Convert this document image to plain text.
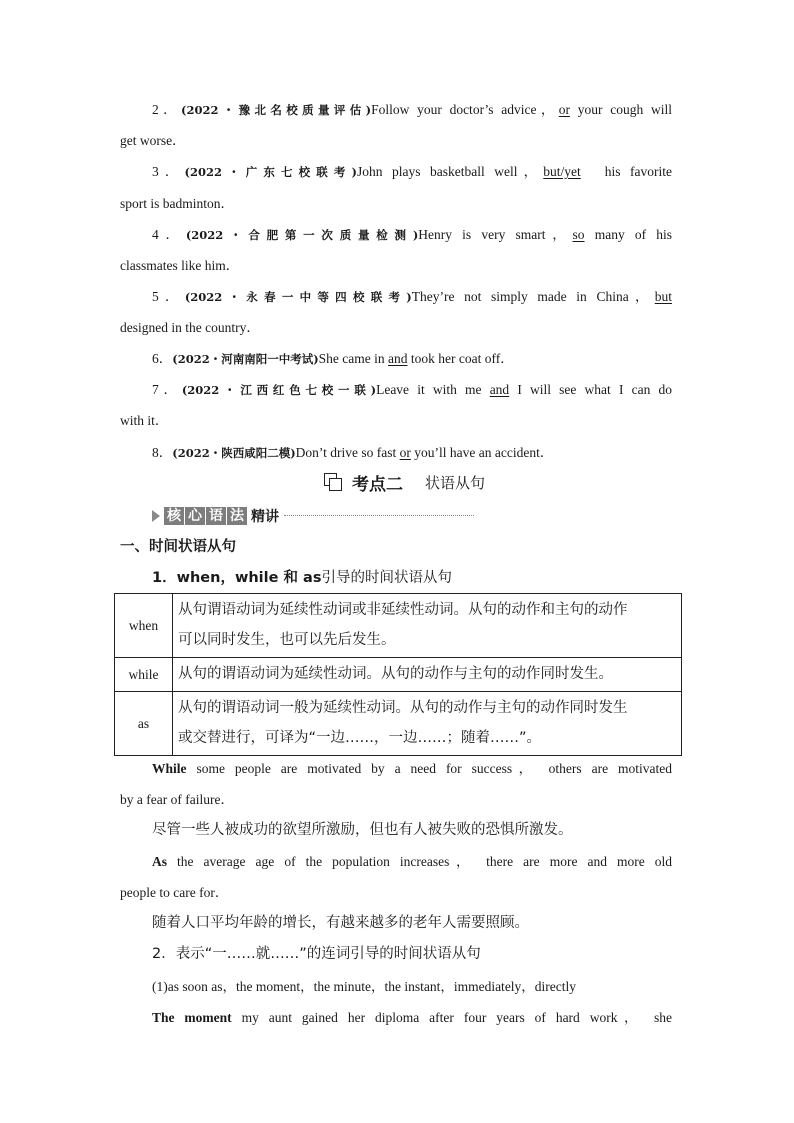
2．(2022・豫北名校质量评估)Follow your doctor’s advice，or your cough will
get worse．
3．(2022・广东七校联考)John plays basketball well，but/yet his favorite
sport is badminton．
4．(2022・合肥第一次质量检测)Henry is very smart，so many of his
classmates like him．
5．(2022・永春一中等四校联考)They’re not simply made in China，but
designed in the country．
6．(2022・河南南阳一中考试)She came in and took her coat off．
7．(2022・江西红色七校一联)Leave it with me and I will see what I can do
with it．
8．(2022・陕西咸阳二模)Don’t drive so fast or you’ll have an accident．
考点二 状语从句
核 心 语 法 精讲
一、时间状语从句
1．when，while 和 as引导的时间状语从句
when	从句谓语动词为延续性动词或非延续性动词。从句的动作和主句的动作
可以同时发生，也可以先后发生。

while	从句的谓语动词为延续性动词。从句的动作与主句的动作同时发生。

as	从句的谓语动词一般为延续性动词。从句的动作与主句的动作同时发生
或交替进行，可译为“一边……，一边……；随着……”。
While some people are motivated by a need for success， others are motivated
by a fear of failure．
尽管一些人被成功的欲望所激励，但也有人被失败的恐惧所激发。
As the average age of the population increases， there are more and more old
people to care for．
随着人口平均年龄的增长，有越来越多的老年人需要照顾。
2．表示“一……就……”的连词引导的时间状语从句
(1)as soon as，the moment，the minute，the instant，immediately，directly
The moment my aunt gained her diploma after four years of hard work， she
